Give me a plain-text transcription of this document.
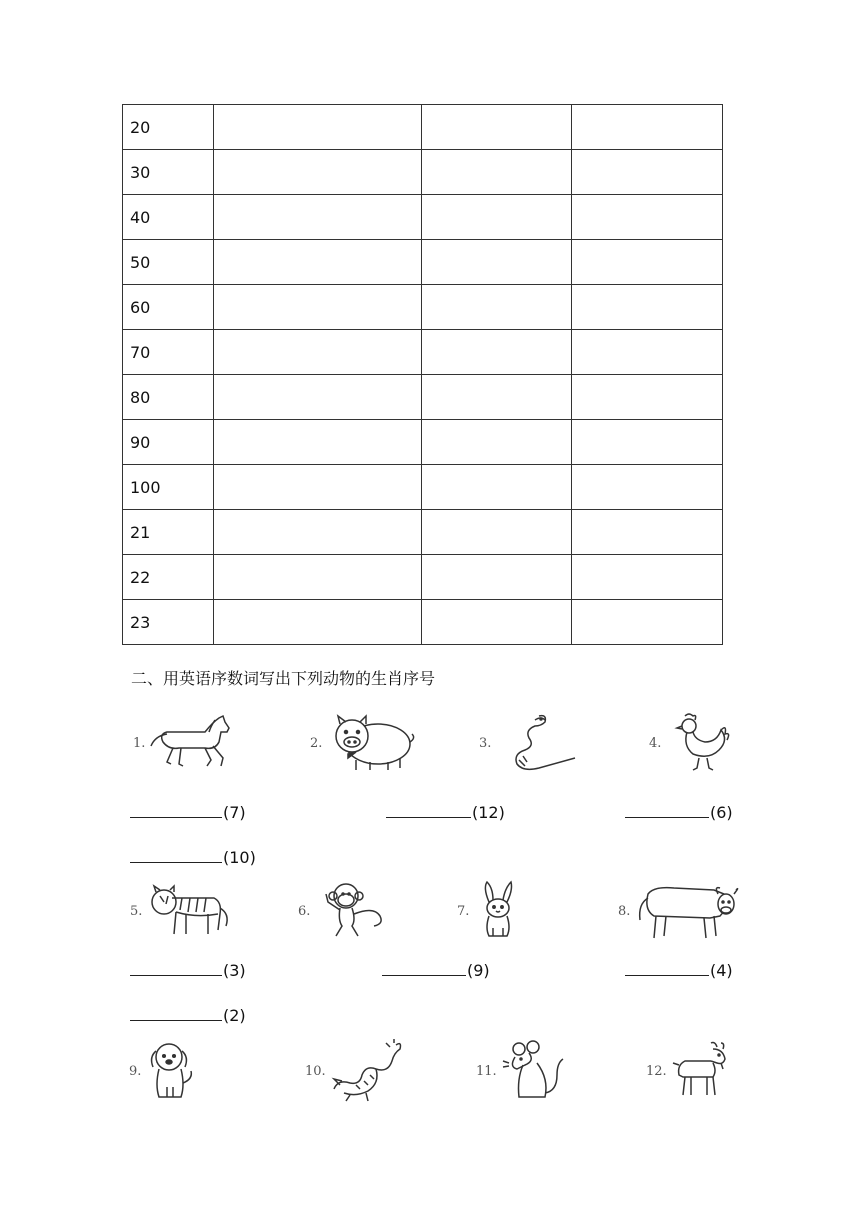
20			
30			
40			
50			
60			
70			
80			
90			
100			
21			
22			
23			
二、用英语序数词写出下列动物的生肖序号
1.	2.	3.	4.
(7)	(12)	(6)
(10)
5.	6.	7.	8.
(3)	(9)	(4)
(2)
9.	10.	11.	12.
